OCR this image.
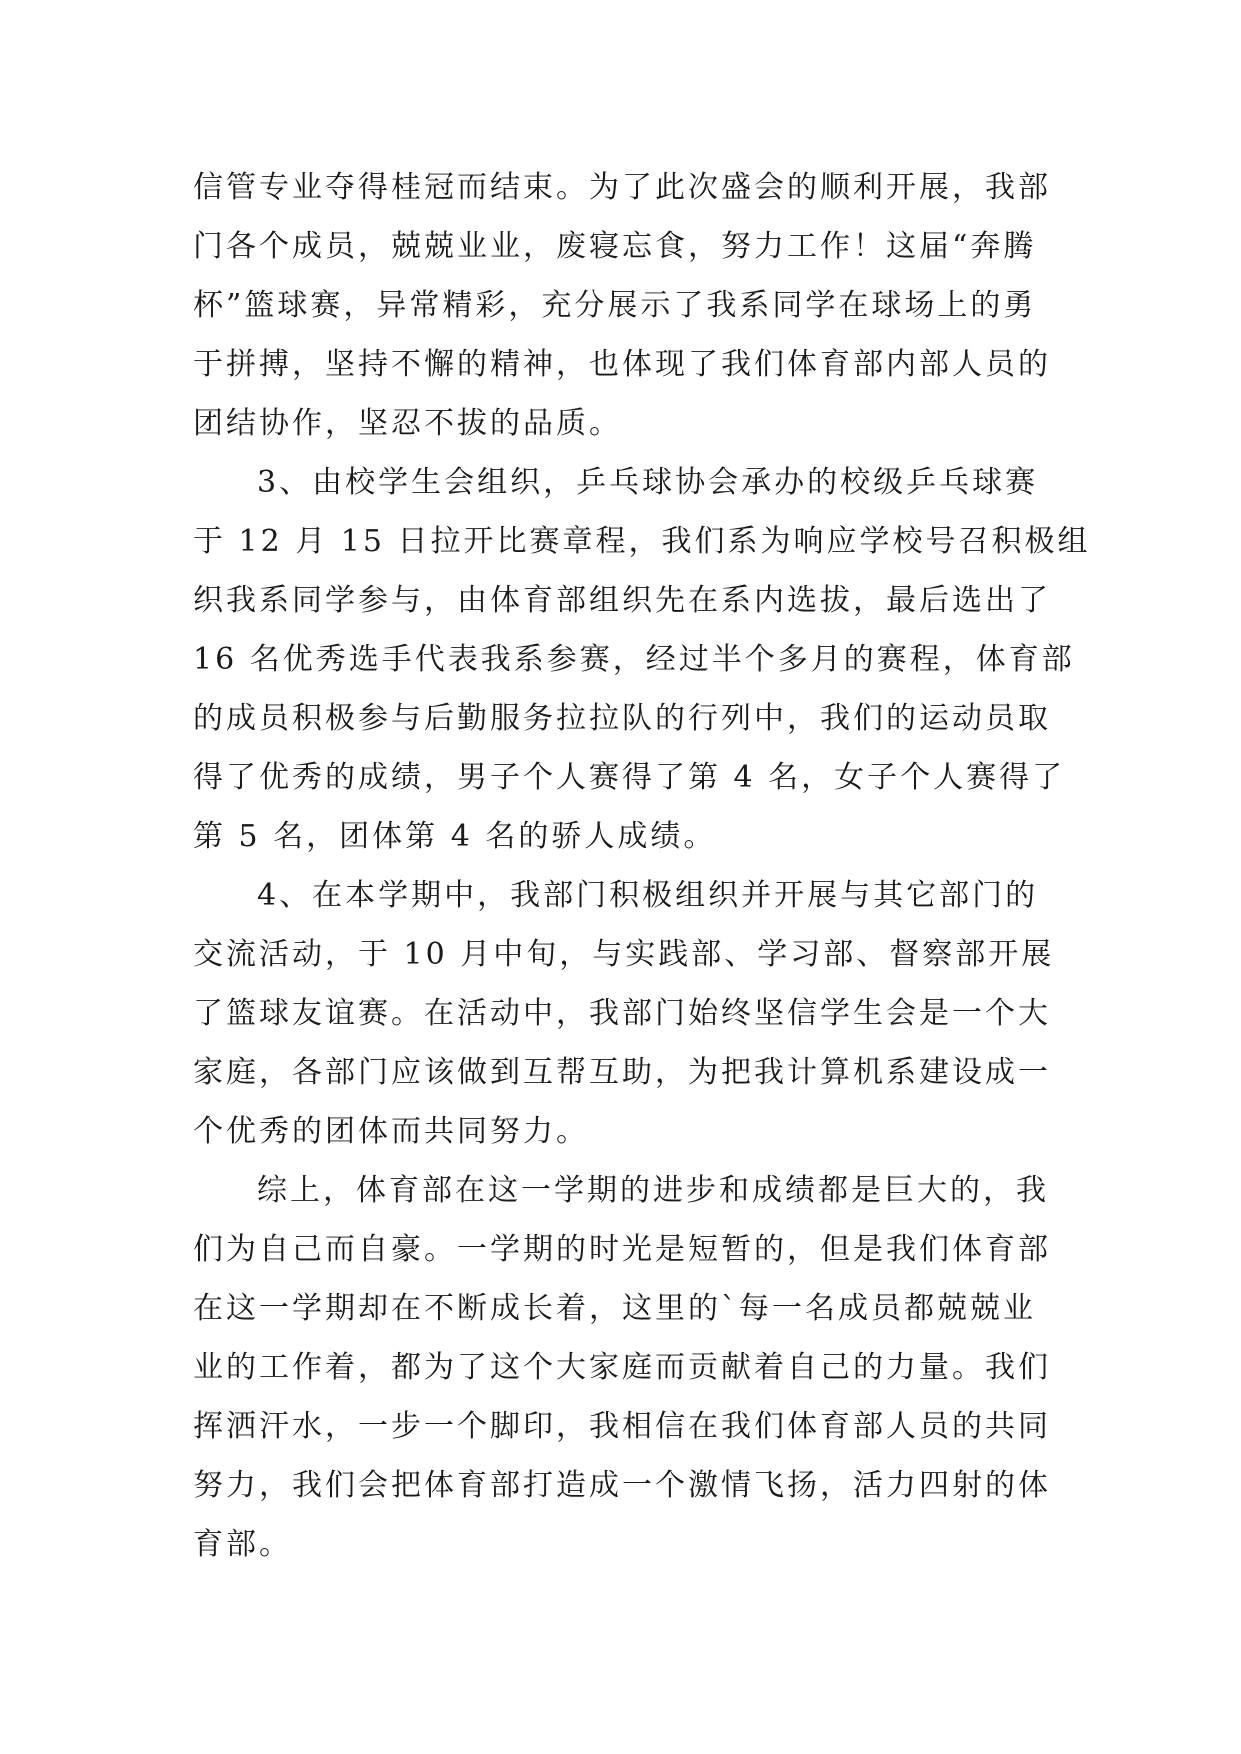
信管专业夺得桂冠而结束。为了此次盛会的顺利开展，我部
门各个成员，兢兢业业，废寝忘食，努力工作！这届“奔腾
杯”篮球赛，异常精彩，充分展示了我系同学在球场上的勇
于拼搏，坚持不懈的精神，也体现了我们体育部内部人员的
团结协作，坚忍不拔的品质。
3、由校学生会组织，乒乓球协会承办的校级乒乓球赛
于 12 月 15 日拉开比赛章程，我们系为响应学校号召积极组
织我系同学参与，由体育部组织先在系内选拔，最后选出了
16 名优秀选手代表我系参赛，经过半个多月的赛程，体育部
的成员积极参与后勤服务拉拉队的行列中，我们的运动员取
得了优秀的成绩，男子个人赛得了第 4 名，女子个人赛得了
第 5 名，团体第 4 名的骄人成绩。
4、在本学期中，我部门积极组织并开展与其它部门的
交流活动，于 10 月中旬，与实践部、学习部、督察部开展
了篮球友谊赛。在活动中，我部门始终坚信学生会是一个大
家庭，各部门应该做到互帮互助，为把我计算机系建设成一
个优秀的团体而共同努力。
综上，体育部在这一学期的进步和成绩都是巨大的，我
们为自己而自豪。一学期的时光是短暂的，但是我们体育部
在这一学期却在不断成长着，这里的`每一名成员都兢兢业
业的工作着，都为了这个大家庭而贡献着自己的力量。我们
挥洒汗水，一步一个脚印，我相信在我们体育部人员的共同
努力，我们会把体育部打造成一个激情飞扬，活力四射的体
育部。
